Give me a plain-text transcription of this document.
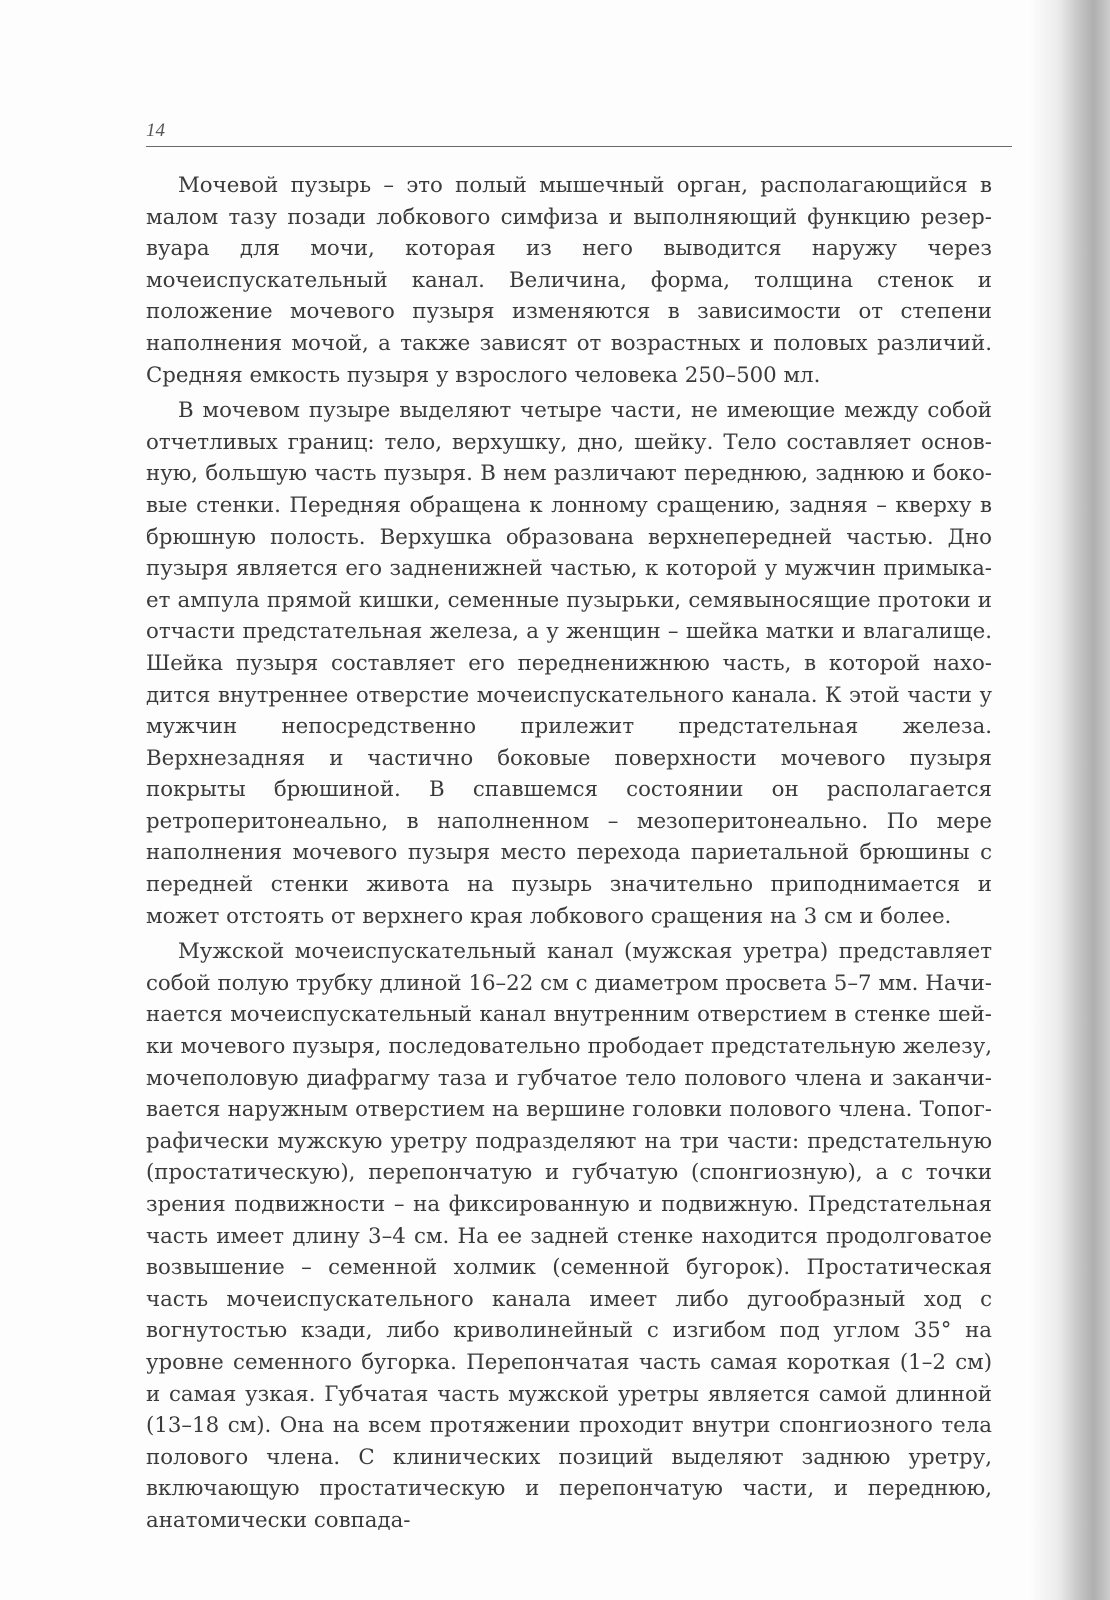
14

Мочевой пузырь – это полый мышечный орган, располагающийся в малом тазу позади лобкового симфиза и выполняющий функцию резервуара для мочи, которая из него выводится наружу через мочеиспускательный канал. Величина, форма, толщина стенок и положение мочевого пузыря изменяются в зависимости от степени наполнения мочой, а также зависят от возрастных и половых различий. Средняя емкость пузыря у взрослого человека 250–500 мл.

В мочевом пузыре выделяют четыре части, не имеющие между собой отчетливых границ: тело, верхушку, дно, шейку. Тело составляет основную, большую часть пузыря. В нем различают переднюю, заднюю и боковые стенки. Передняя обращена к лонному сращению, задняя – кверху в брюшную полость. Верхушка образована верхнепередней частью. Дно пузыря является его задненижней частью, к которой у мужчин примыкает ампула прямой кишки, семенные пузырьки, семявыносящие протоки и отчасти предстательная железа, а у женщин – шейка матки и влагалище. Шейка пузыря составляет его передненижнюю часть, в которой находится внутреннее отверстие мочеиспускательного канала. К этой части у мужчин непосредственно прилежит предстательная железа. Верхнезадняя и частично боковые поверхности мочевого пузыря покрыты брюшиной. В спавшемся состоянии он располагается ретроперитонеально, в наполненном – мезоперитонеально. По мере наполнения мочевого пузыря место перехода париетальной брюшины с передней стенки живота на пузырь значительно приподнимается и может отстоять от верхнего края лобкового сращения на 3 см и более.

Мужской мочеиспускательный канал (мужская уретра) представляет собой полую трубку длиной 16–22 см с диаметром просвета 5–7 мм. Начинается мочеиспускательный канал внутренним отверстием в стенке шейки мочевого пузыря, последовательно прободает предстательную железу, мочеполовую диафрагму таза и губчатое тело полового члена и заканчивается наружным отверстием на вершине головки полового члена. Топографически мужскую уретру подразделяют на три части: предстательную (простатическую), перепончатую и губчатую (спонгиозную), а с точки зрения подвижности – на фиксированную и подвижную. Предстательная часть имеет длину 3–4 см. На ее задней стенке находится продолговатое возвышение – семенной холмик (семенной бугорок). Простатическая часть мочеиспускательного канала имеет либо дугообразный ход с вогнутостью кзади, либо криволинейный с изгибом под углом 35° на уровне семенного бугорка. Перепончатая часть самая короткая (1–2 см) и самая узкая. Губчатая часть мужской уретры является самой длинной (13–18 см). Она на всем протяжении проходит внутри спонгиозного тела полового члена. С клинических позиций выделяют заднюю уретру, включающую простатическую и перепончатую части, и переднюю, анатомически совпада-
